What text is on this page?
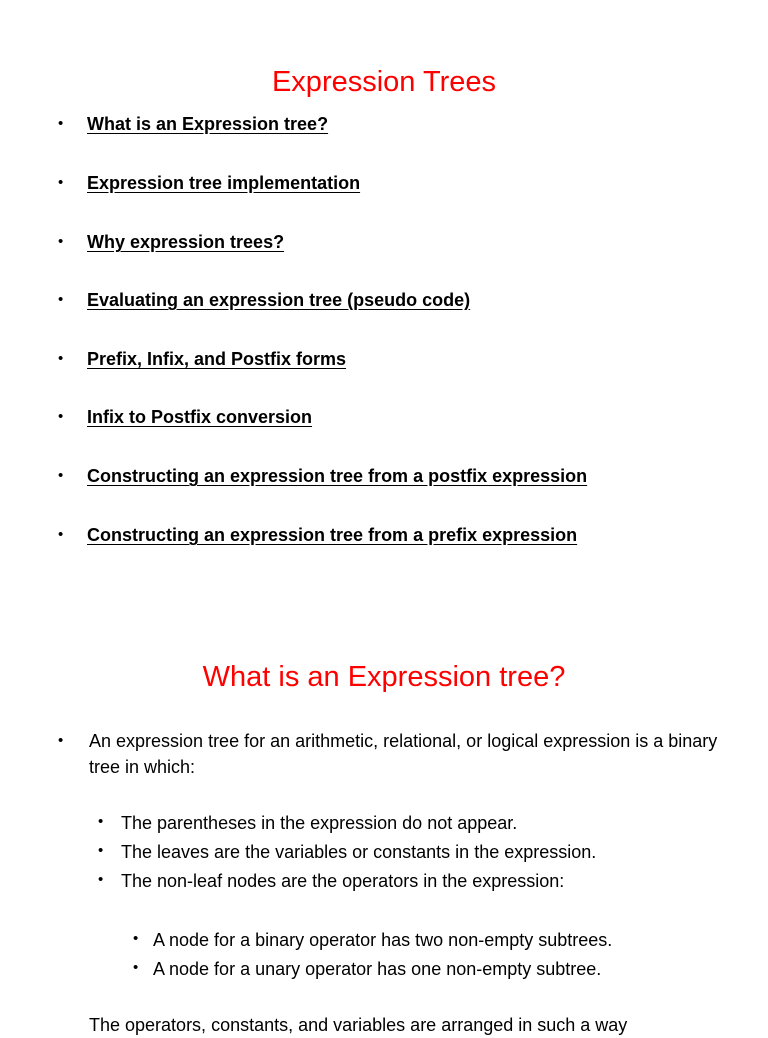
Expression Trees
•	What is an Expression tree?
•	Expression tree implementation
•	Why expression trees?
•	Evaluating an expression tree (pseudo code)
•	Prefix, Infix, and Postfix forms
•	Infix to Postfix conversion
•	Constructing an expression tree from a postfix expression
•	Constructing an expression tree from a prefix expression
What is an Expression tree?
•	An expression tree for an arithmetic, relational, or logical expression is a binary tree in which:
• The parentheses in the expression do not appear.
• The leaves are the variables or constants in the expression.
• The non-leaf nodes are the operators in the expression:
• A node for a binary operator has two non-empty subtrees.
• A node for a unary operator has one non-empty subtree.
The operators, constants, and variables are arranged in such a way
